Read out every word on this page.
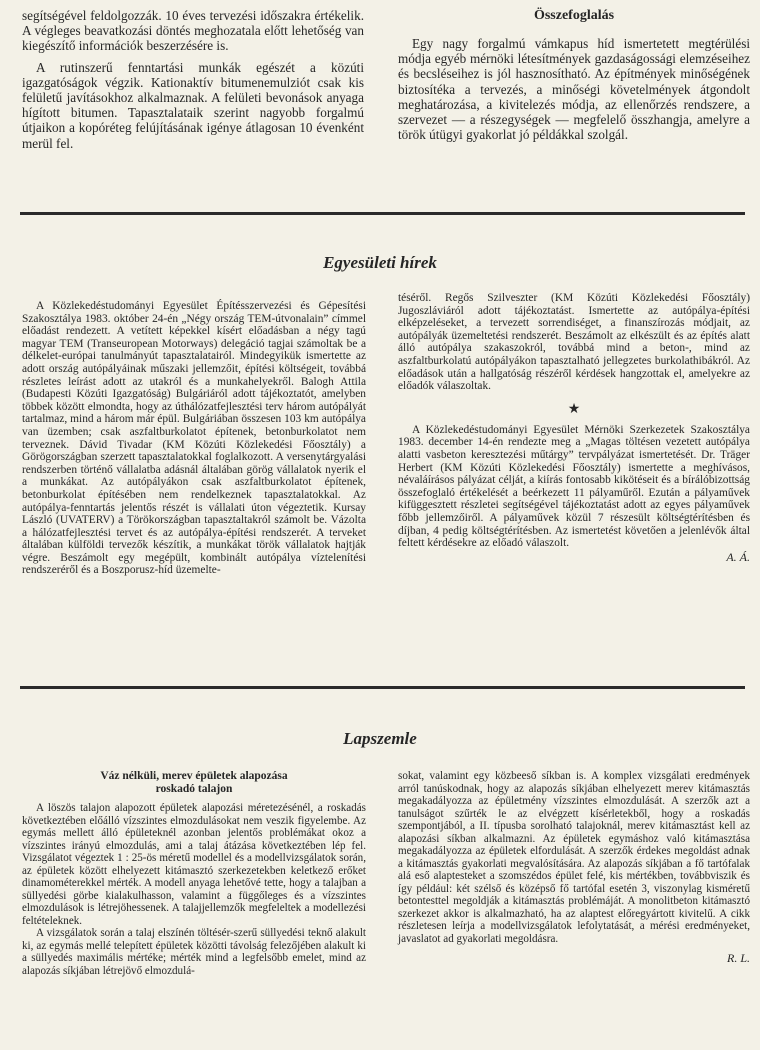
segítségével feldolgozzák. 10 éves tervezési időszakra értékelik. A végleges beavatkozási döntés meghozatala előtt lehetőség van kiegészítő információk beszerzésére is.

A rutinszerű fenntartási munkák egészét a közúti igazgatóságok végzik. Kationaktív bitumenemulziót csak kis felületű javításokhoz alkalmaznak. A felületi bevonások anyaga hígított bitumen. Tapasztalataik szerint nagyobb forgalmú útjaikon a kopóréteg felújításának igénye átlagosan 10 évenként merül fel.

Összefoglalás

Egy nagy forgalmú vámkapus híd ismertetett megtérülési módja egyéb mérnöki létesítmények gazdaságossági elemzéseihez és becsléseihez is jól hasznosítható. Az építmények minőségének biztosítéka a tervezés, a minőségi követelmények átgondolt meghatározása, a kivitelezés módja, az ellenőrzés rendszere, a szervezet — a részegységek — megfelelő összhangja, amelyre a török útügyi gyakorlat jó példákkal szolgál.

Egyesületi hírek

A Közlekedéstudományi Egyesület Építésszervezési és Gépesítési Szakosztálya 1983. október 24-én „Négy ország TEM-útvonalain” címmel előadást rendezett. A vetített képekkel kísért előadásban a négy tagú magyar TEM (Transeuropean Motorways) delegáció tagjai számoltak be a délkelet-európai tanulmányút tapasztalatairól. Mindegyikük ismertette az adott ország autópályáinak műszaki jellemzőit, építési költségeit, továbbá részletes leírást adott az utakról és a munkahelyekről. Balogh Attila (Budapesti Közúti Igazgatóság) Bulgáriáról adott tájékoztatót, amelyben többek között elmondta, hogy az úthálózatfejlesztési terv három autópályát tartalmaz, mind a három már épül. Bulgáriában összesen 103 km autópálya van üzemben; csak aszfaltburkolatot építenek, betonburkolatot nem terveznek. Dávid Tivadar (KM Közúti Közlekedési Főosztály) a Görögországban szerzett tapasztalatokkal foglalkozott. A versenytárgyalási rendszerben történő vállalatba adásnál általában görög vállalatok nyerik el a munkákat. Az autópályákon csak aszfaltburkolatot építenek, betonburkolat építésében nem rendelkeznek tapasztalatokkal. Az autópálya-fenntartás jelentős részét is vállalati úton végeztetik. Kursay László (UVATERV) a Törökországban tapasztaltakról számolt be. Vázolta a hálózatfejlesztési tervet és az autópálya-építési rendszerét. A terveket általában külföldi tervezők készítik, a munkákat török vállalatok hajtják végre. Beszámolt egy megépült, kombinált autópálya víztelenítési rendszeréről és a Boszporusz-híd üzemelte-

téséről. Regős Szilveszter (KM Közúti Közlekedési Főosztály) Jugoszláviáról adott tájékoztatást. Ismertette az autópálya-építési elképzeléseket, a tervezett sorrendiséget, a finanszírozás módjait, az autópályák üzemeltetési rendszerét. Beszámolt az elkészült és az építés alatt álló autópálya szakaszokról, továbbá mind a beton-, mind az aszfaltburkolatú autópályákon tapasztalható jellegzetes burkolathibákról. Az előadások után a hallgatóság részéről kérdések hangzottak el, amelyekre az előadók válaszoltak.

★

A Közlekedéstudományi Egyesület Mérnöki Szerkezetek Szakosztálya 1983. december 14-én rendezte meg a „Magas töltésen vezetett autópálya alatti vasbeton keresztezési műtárgy” tervpályázat ismertetését. Dr. Träger Herbert (KM Közúti Közlekedési Főosztály) ismertette a meghívásos, névaláírásos pályázat célját, a kiírás fontosabb kikötéseit és a bírálóbizottság összefoglaló értékelését a beérkezett 11 pályaműről. Ezután a pályaművek kifüggesztett részletei segítségével tájékoztatást adott az egyes pályaművek főbb jellemzőiről. A pályaművek közül 7 részesült költségtérítésben és díjban, 4 pedig költségtérítésben. Az ismertetést követően a jelenlévők által feltett kérdésekre az előadó válaszolt.

A. Á.

Lapszemle

Váz nélküli, merev épületek alapozása
roskadó talajon

A löszös talajon alapozott épületek alapozási méretezésénél, a roskadás következtében előálló vízszintes elmozdulásokat nem veszik figyelembe. Az egymás mellett álló épületeknél azonban jelentős problémákat okoz a vízszintes irányú elmozdulás, ami a talaj átázása következtében lép fel. Vizsgálatot végeztek 1 : 25-ös méretű modellel és a modellvizsgálatok során, az épületek között elhelyezett kitámasztó szerkezetekben keletkező erőket dinamométerekkel mérték. A modell anyaga lehetővé tette, hogy a talajban a süllyedési görbe kialakulhasson, valamint a függőleges és a vízszintes elmozdulások is létrejöhessenek. A talajjellemzők megfeleltek a modellezési feltételeknek.

A vizsgálatok során a talaj elszínén töltésér-szerű süllyedési teknő alakult ki, az egymás mellé telepített épületek közötti távolság felezőjében alakult ki a süllyedés maximális mértéke; mérték mind a legfelsőbb emelet, mind az alapozás síkjában létrejövő elmozdulá-

sokat, valamint egy közbeeső síkban is. A komplex vizsgálati eredmények arról tanúskodnak, hogy az alapozás síkjában elhelyezett merev kitámasztás megakadályozza az épületmény vízszintes elmozdulását. A szerzők azt a tanulságot szűrték le az elvégzett kísérletekből, hogy a roskadás szempontjából, a II. típusba sorolható talajoknál, merev kitámasztást kell az alapozási síkban alkalmazni. Az épületek egymáshoz való kitámasztása megakadályozza az épületek elfordulását. A szerzők érdekes megoldást adnak a kitámasztás gyakorlati megvalósítására. Az alapozás síkjában a fő tartófalak alá eső alaptesteket a szomszédos épület felé, kis mértékben, továbbviszik és így például: két szélső és középső fő tartófal esetén 3, viszonylag kisméretű betontesttel megoldják a kitámasztás problémáját. A monolitbeton kitámasztó szerkezet akkor is alkalmazható, ha az alaptest előregyártott kivitelű. A cikk részletesen leírja a modellvizsgálatok lefolytatását, a mérési eredményeket, javaslatot ad gyakorlati megoldásra.

R. L.
